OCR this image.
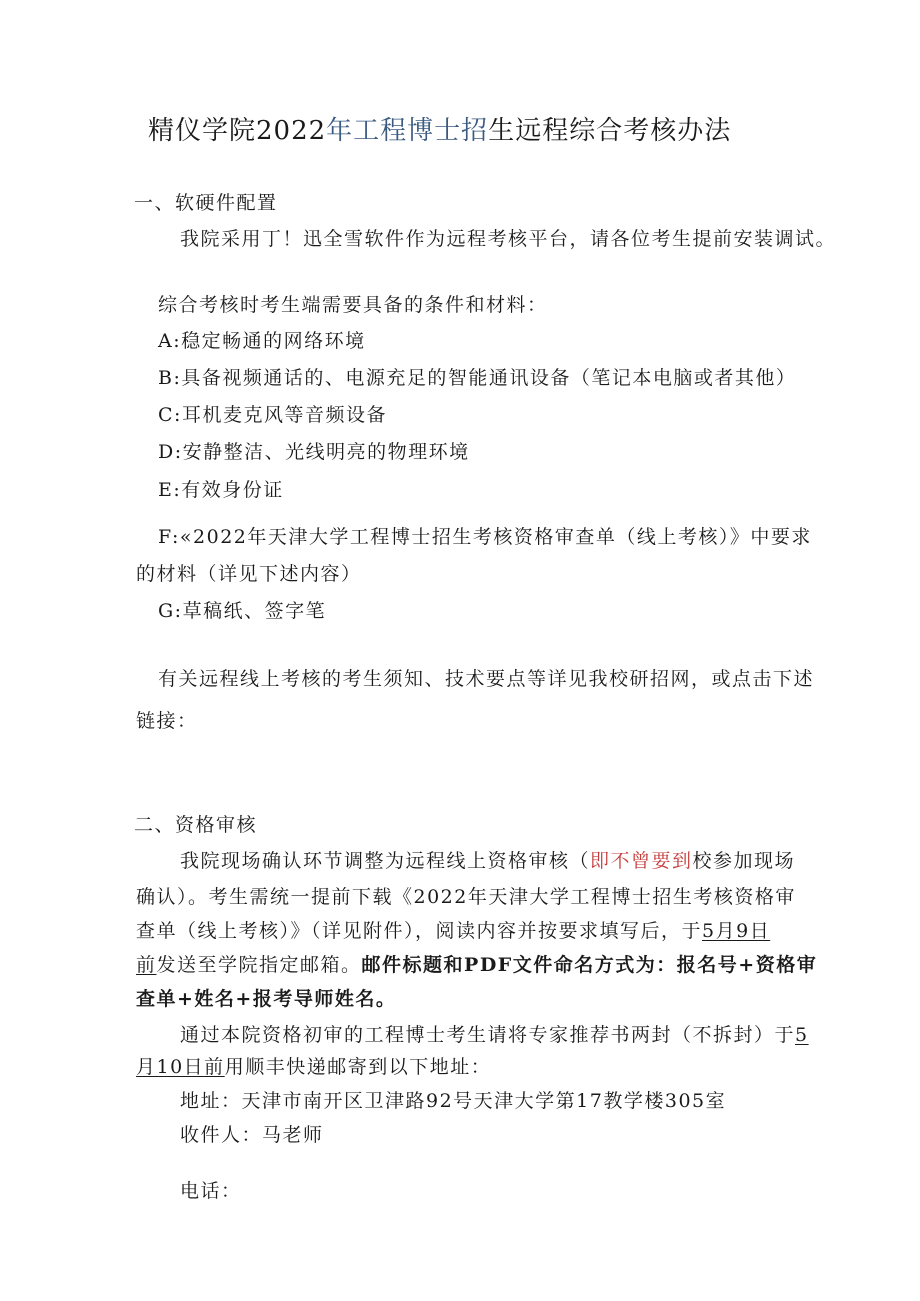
精仪学院2022年工程博士招生远程综合考核办法
一、软硬件配置
我院采用丁！迅全雪软件作为远程考核平台，请各位考生提前安装调试。
综合考核时考生端需要具备的条件和材料：
A:稳定畅通的网络环境
B:具备视频通话的、电源充足的智能通讯设备（笔记本电脑或者其他）
C:耳机麦克风等音频设备
D:安静整洁、光线明亮的物理环境
E:有效身份证
F:«2022年天津大学工程博士招生考核资格审查单（线上考核）》中要求
的材料（详见下述内容）
G:草稿纸、签字笔
有关远程线上考核的考生须知、技术要点等详见我校研招网，或点击下述
链接：
二、资格审核
我院现场确认环节调整为远程线上资格审核（即不曾要到校参加现场
确认）。考生需统一提前下载《2022年天津大学工程博士招生考核资格审
查单（线上考核）》（详见附件），阅读内容并按要求填写后，于5月9日
前发送至学院指定邮箱。邮件标题和PDF文件命名方式为：报名号+资格审
查单+姓名+报考导师姓名。
通过本院资格初审的工程博士考生请将专家推荐书两封（不拆封）于5
月10日前用顺丰快递邮寄到以下地址：
地址：天津市南开区卫津路92号天津大学第17教学楼305室
收件人：马老师
电话：
